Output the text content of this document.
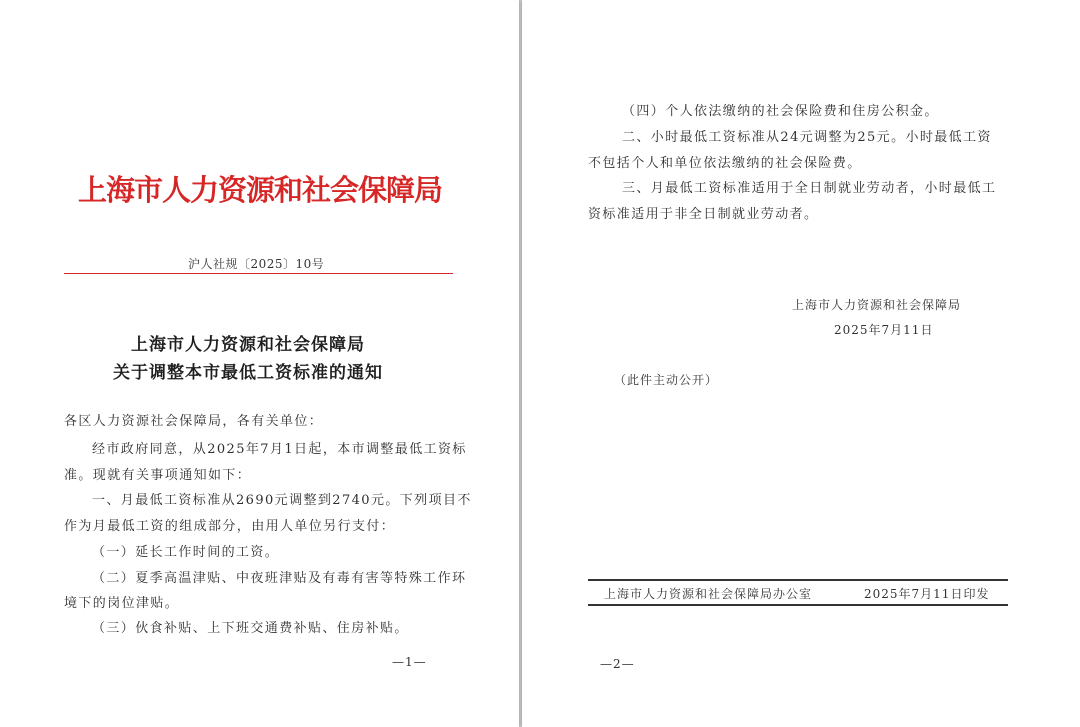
上海市人力资源和社会保障局
沪人社规〔2025〕10号
上海市人力资源和社会保障局
关于调整本市最低工资标准的通知
各区人力资源社会保障局，各有关单位：
经市政府同意，从2025年7月1日起，本市调整最低工资标
准。现就有关事项通知如下：
一、月最低工资标准从2690元调整到2740元。下列项目不
作为月最低工资的组成部分，由用人单位另行支付：
（一）延长工作时间的工资。
（二）夏季高温津贴、中夜班津贴及有毒有害等特殊工作环
境下的岗位津贴。
（三）伙食补贴、上下班交通费补贴、住房补贴。
—1—
（四）个人依法缴纳的社会保险费和住房公积金。
二、小时最低工资标准从24元调整为25元。小时最低工资
不包括个人和单位依法缴纳的社会保险费。
三、月最低工资标准适用于全日制就业劳动者，小时最低工
资标准适用于非全日制就业劳动者。
上海市人力资源和社会保障局
2025年7月11日
（此件主动公开）
上海市人力资源和社会保障局办公室	2025年7月11日印发
—2—
